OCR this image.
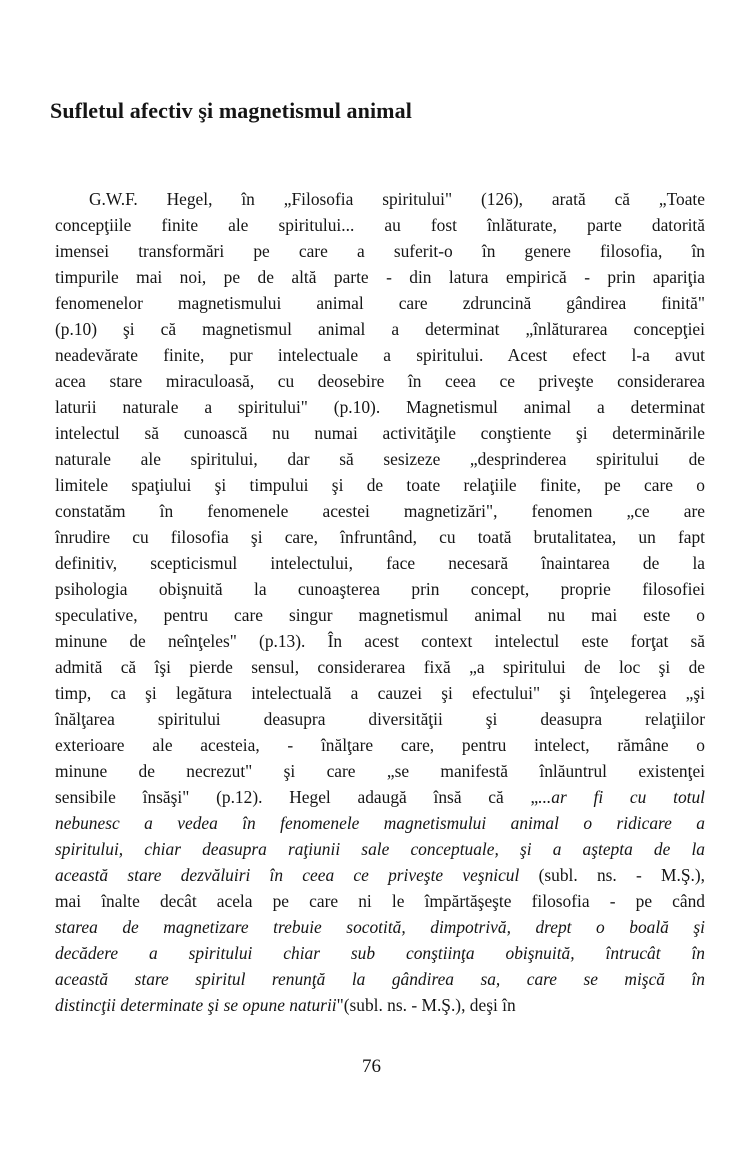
Sufletul afectiv şi magnetismul animal
G.W.F. Hegel, în „Filosofia spiritului" (126), arată că „Toate
concepţiile finite ale spiritului... au fost înlăturate, parte datorită
imensei transformări pe care a suferit-o în genere filosofia, în
timpurile mai noi, pe de altă parte - din latura empirică - prin apariţia
fenomenelor magnetismului animal care zdruncină gândirea finită"
(p.10) şi că magnetismul animal a determinat „înlăturarea concepţiei
neadevărate finite, pur intelectuale a spiritului. Acest efect l-a avut
acea stare miraculoasă, cu deosebire în ceea ce priveşte considerarea
laturii naturale a spiritului" (p.10). Magnetismul animal a determinat
intelectul să cunoască nu numai activităţile conştiente şi determinările
naturale ale spiritului, dar să sesizeze „desprinderea spiritului de
limitele spaţiului şi timpului şi de toate relaţiile finite, pe care o
constatăm în fenomenele acestei magnetizări", fenomen „ce are
înrudire cu filosofia şi care, înfruntând, cu toată brutalitatea, un fapt
definitiv, scepticismul intelectului, face necesară înaintarea de la
psihologia obişnuită la cunoaşterea prin concept, proprie filosofiei
speculative, pentru care singur magnetismul animal nu mai este o
minune de neînţeles" (p.13). În acest context intelectul este forţat să
admită că îşi pierde sensul, considerarea fixă „a spiritului de loc şi de
timp, ca şi legătura intelectuală a cauzei şi efectului" şi înţelegerea „şi
înălţarea spiritului deasupra diversităţii şi deasupra relaţiilor
exterioare ale acesteia, - înălţare care, pentru intelect, rămâne o
minune de necrezut" şi care „se manifestă înlăuntrul existenţei
sensibile însăşi" (p.12). Hegel adaugă însă că „...ar fi cu totul
nebunesc a vedea în fenomenele magnetismului animal o ridicare a
spiritului, chiar deasupra raţiunii sale conceptuale, şi a aştepta de la
această stare dezvăluiri în ceea ce priveşte veşnicul (subl. ns. - M.Ş.),
mai înalte decât acela pe care ni le împărtăşeşte filosofia - pe când
starea de magnetizare trebuie socotită, dimpotrivă, drept o boală şi
decădere a spiritului chiar sub conştiinţa obişnuită, întrucât în
această stare spiritul renunţă la gândirea sa, care se mişcă în
distincţii determinate şi se opune naturii"(subl. ns. - M.Ş.), deşi în
76
